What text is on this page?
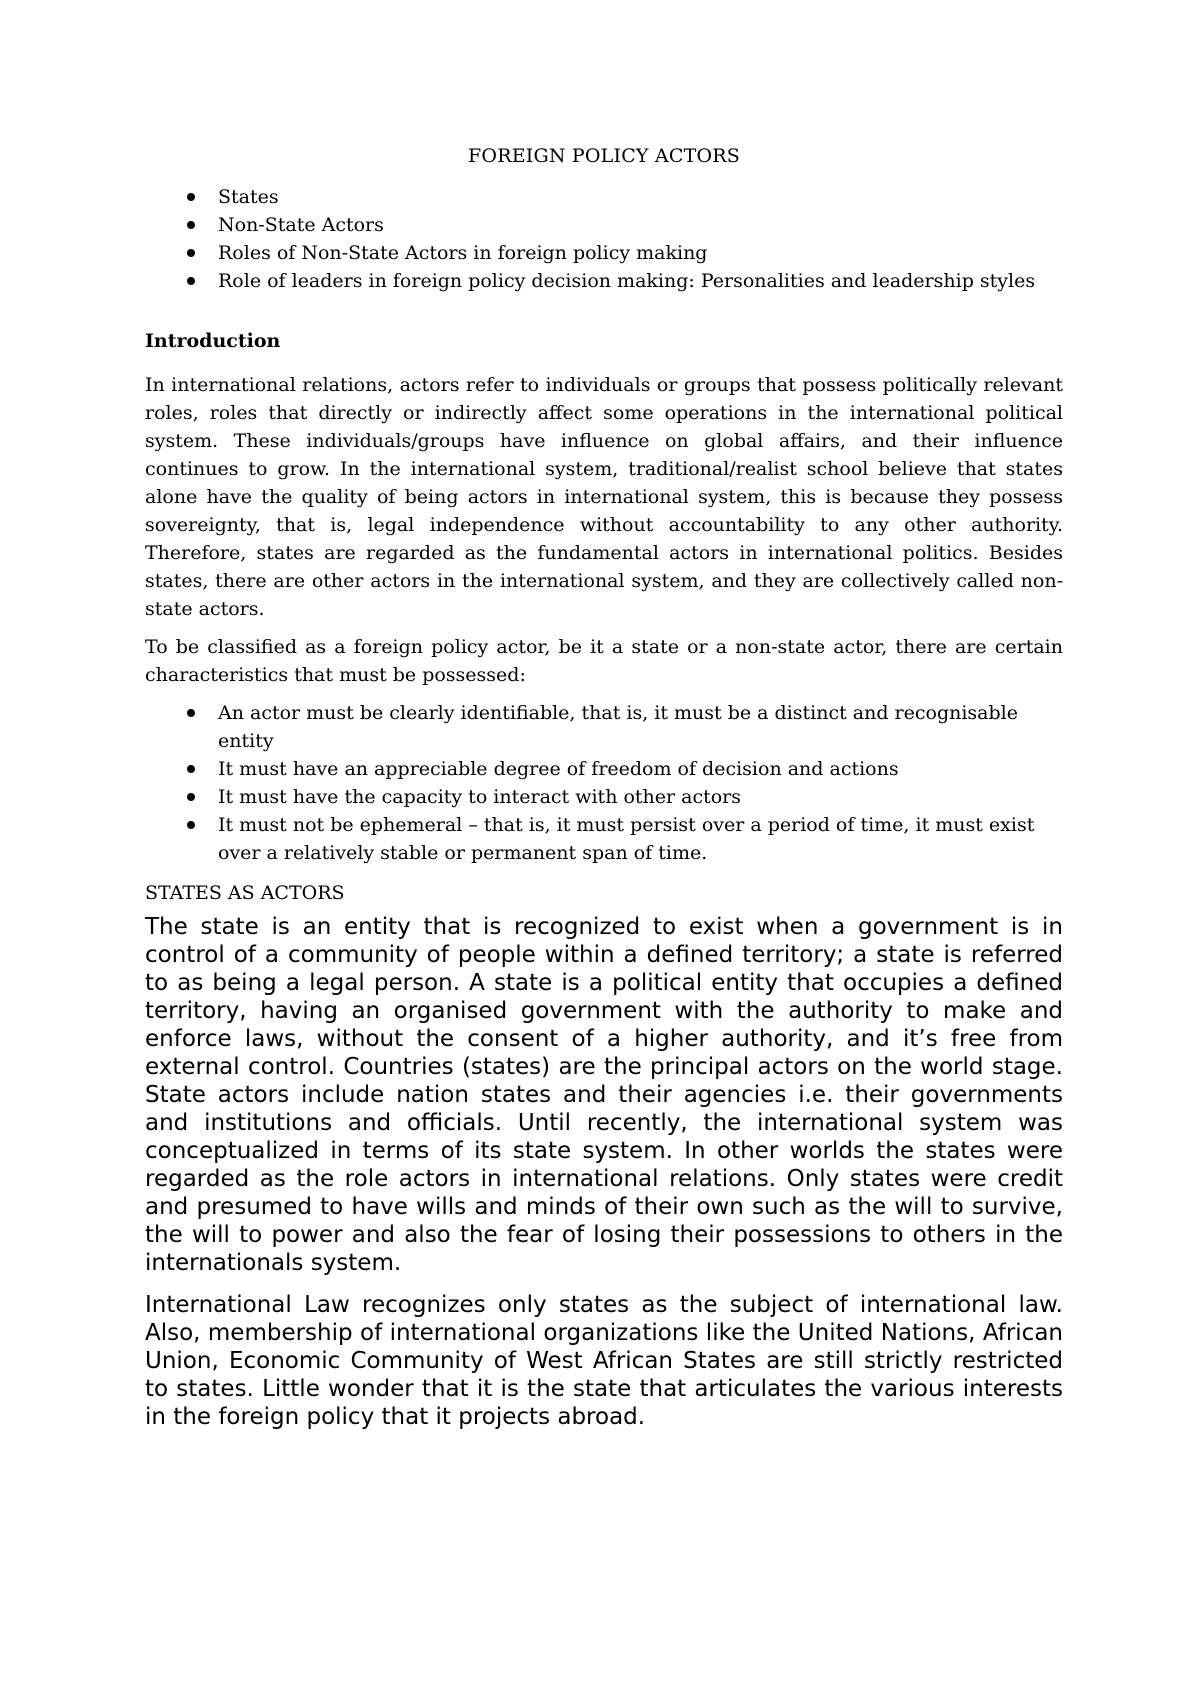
FOREIGN POLICY ACTORS
States
Non-State Actors
Roles of Non-State Actors in foreign policy making
Role of leaders in foreign policy decision making: Personalities and leadership styles
Introduction

In international relations, actors refer to individuals or groups that possess politically relevant roles, roles that directly or indirectly affect some operations in the international political system. These individuals/groups have influence on global affairs, and their influence continues to grow. In the international system, traditional/realist school believe that states alone have the quality of being actors in international system, this is because they possess sovereignty, that is, legal independence without accountability to any other authority. Therefore, states are regarded as the fundamental actors in international politics. Besides states, there are other actors in the international system, and they are collectively called non-state actors.

To be classified as a foreign policy actor, be it a state or a non-state actor, there are certain characteristics that must be possessed:

An actor must be clearly identifiable, that is, it must be a distinct and recognisable entity
It must have an appreciable degree of freedom of decision and actions
It must have the capacity to interact with other actors
It must not be ephemeral – that is, it must persist over a period of time, it must exist over a relatively stable or permanent span of time.
STATES AS ACTORS

The state is an entity that is recognized to exist when a government is in control of a community of people within a defined territory; a state is referred to as being a legal person. A state is a political entity that occupies a defined territory, having an organised government with the authority to make and enforce laws, without the consent of a higher authority, and it’s free from external control. Countries (states) are the principal actors on the world stage. State actors include nation states and their agencies i.e. their governments and institutions and officials. Until recently, the international system was conceptualized in terms of its state system. In other worlds the states were regarded as the role actors in international relations. Only states were credit and presumed to have wills and minds of their own such as the will to survive, the will to power and also the fear of losing their possessions to others in the internationals system.

International Law recognizes only states as the subject of international law. Also, membership of international organizations like the United Nations, African Union, Economic Community of West African States are still strictly restricted to states. Little wonder that it is the state that articulates the various interests in the foreign policy that it projects abroad.
